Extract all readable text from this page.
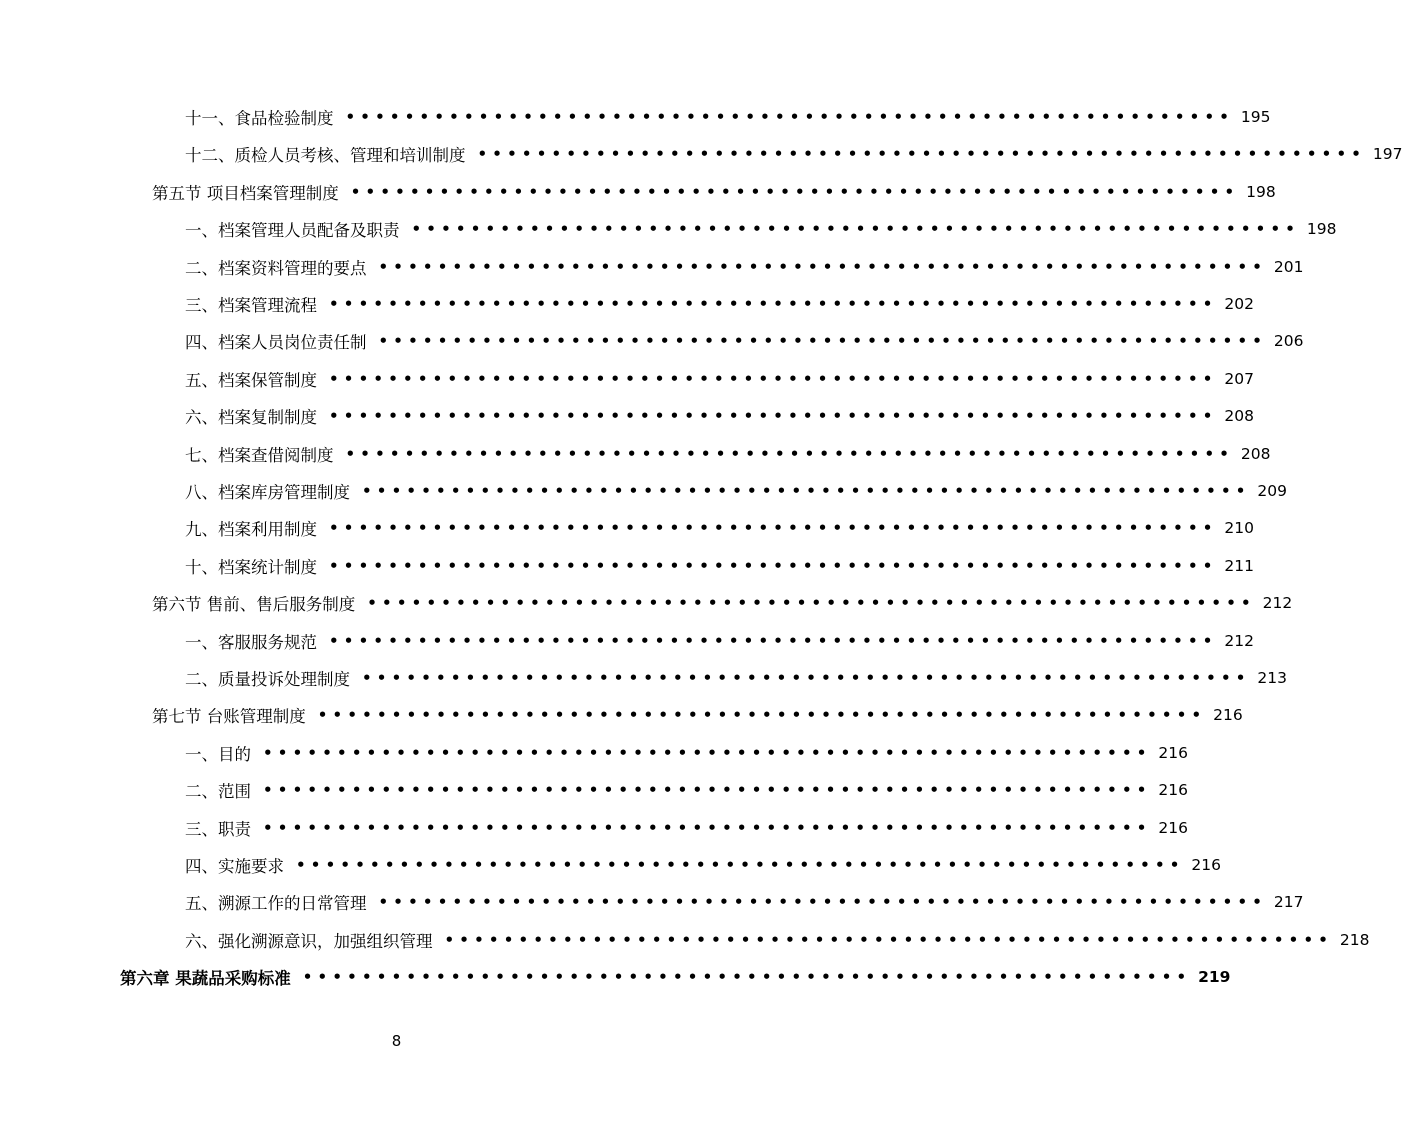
十一、食品检验制度 • • • • • • • • • • • • • • • • • • • • • • • • • • • • • • • • • • • • • • • • • • • • • • • • • • • • • • • • • • • • 195
十二、质检人员考核、管理和培训制度 • • • • • • • • • • • • • • • • • • • • • • • • • • • • • • • • • • • • • • • • • • • • • • • • • • • • • • • • • • • • 197
第五节 项目档案管理制度 • • • • • • • • • • • • • • • • • • • • • • • • • • • • • • • • • • • • • • • • • • • • • • • • • • • • • • • • • • • • 198
一、档案管理人员配备及职责 • • • • • • • • • • • • • • • • • • • • • • • • • • • • • • • • • • • • • • • • • • • • • • • • • • • • • • • • • • • • 198
二、档案资料管理的要点 • • • • • • • • • • • • • • • • • • • • • • • • • • • • • • • • • • • • • • • • • • • • • • • • • • • • • • • • • • • • 201
三、档案管理流程 • • • • • • • • • • • • • • • • • • • • • • • • • • • • • • • • • • • • • • • • • • • • • • • • • • • • • • • • • • • • 202
四、档案人员岗位责任制 • • • • • • • • • • • • • • • • • • • • • • • • • • • • • • • • • • • • • • • • • • • • • • • • • • • • • • • • • • • • 206
五、档案保管制度 • • • • • • • • • • • • • • • • • • • • • • • • • • • • • • • • • • • • • • • • • • • • • • • • • • • • • • • • • • • • 207
六、档案复制制度 • • • • • • • • • • • • • • • • • • • • • • • • • • • • • • • • • • • • • • • • • • • • • • • • • • • • • • • • • • • • 208
七、档案查借阅制度 • • • • • • • • • • • • • • • • • • • • • • • • • • • • • • • • • • • • • • • • • • • • • • • • • • • • • • • • • • • • 208
八、档案库房管理制度 • • • • • • • • • • • • • • • • • • • • • • • • • • • • • • • • • • • • • • • • • • • • • • • • • • • • • • • • • • • • 209
九、档案利用制度 • • • • • • • • • • • • • • • • • • • • • • • • • • • • • • • • • • • • • • • • • • • • • • • • • • • • • • • • • • • • 210
十、档案统计制度 • • • • • • • • • • • • • • • • • • • • • • • • • • • • • • • • • • • • • • • • • • • • • • • • • • • • • • • • • • • • 211
第六节 售前、售后服务制度 • • • • • • • • • • • • • • • • • • • • • • • • • • • • • • • • • • • • • • • • • • • • • • • • • • • • • • • • • • • • 212
一、客服服务规范 • • • • • • • • • • • • • • • • • • • • • • • • • • • • • • • • • • • • • • • • • • • • • • • • • • • • • • • • • • • • 212
二、质量投诉处理制度 • • • • • • • • • • • • • • • • • • • • • • • • • • • • • • • • • • • • • • • • • • • • • • • • • • • • • • • • • • • • 213
第七节 台账管理制度 • • • • • • • • • • • • • • • • • • • • • • • • • • • • • • • • • • • • • • • • • • • • • • • • • • • • • • • • • • • • 216
一、目的 • • • • • • • • • • • • • • • • • • • • • • • • • • • • • • • • • • • • • • • • • • • • • • • • • • • • • • • • • • • • 216
二、范围 • • • • • • • • • • • • • • • • • • • • • • • • • • • • • • • • • • • • • • • • • • • • • • • • • • • • • • • • • • • • 216
三、职责 • • • • • • • • • • • • • • • • • • • • • • • • • • • • • • • • • • • • • • • • • • • • • • • • • • • • • • • • • • • • 216
四、实施要求 • • • • • • • • • • • • • • • • • • • • • • • • • • • • • • • • • • • • • • • • • • • • • • • • • • • • • • • • • • • • 216
五、溯源工作的日常管理 • • • • • • • • • • • • • • • • • • • • • • • • • • • • • • • • • • • • • • • • • • • • • • • • • • • • • • • • • • • • 217
六、强化溯源意识，加强组织管理 • • • • • • • • • • • • • • • • • • • • • • • • • • • • • • • • • • • • • • • • • • • • • • • • • • • • • • • • • • • • 218
第六章 果蔬品采购标准 • • • • • • • • • • • • • • • • • • • • • • • • • • • • • • • • • • • • • • • • • • • • • • • • • • • • • • • • • • • • 219
8
